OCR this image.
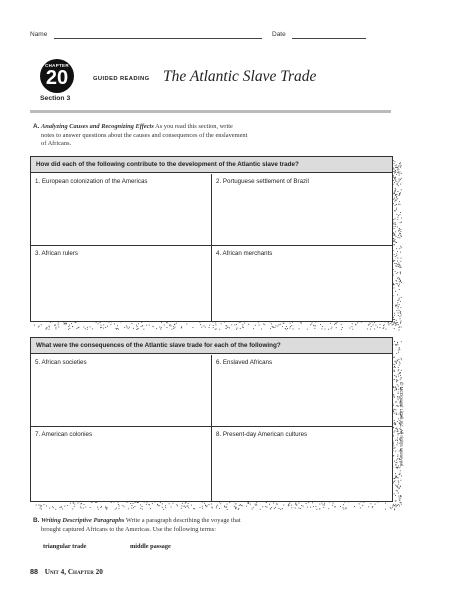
Name	Date
CHAPTER
20
Section 3
GUIDED READING The Atlantic Slave Trade
A. Analyzing Causes and Recognizing Effects As you read this section, write
notes to answer questions about the causes and consequences of the enslavement
of Africans.
How did each of the following contribute to the development of the Atlantic slave trade?
1. European colonization of the Americas	2. Portuguese settlement of Brazil
3. African rulers	4. African merchants
What were the consequences of the Atlantic slave trade for each of the following?
5. African societies	6. Enslaved Africans
7. American colonies	8. Present-day American cultures	© McDougal Littell Inc. All rights reserved.
B. Writing Descriptive Paragraphs Write a paragraph describing the voyage that
brought captured Africans to the Americas. Use the following terms:
triangular trade	middle passage
88 Unit 4, Chapter 20
